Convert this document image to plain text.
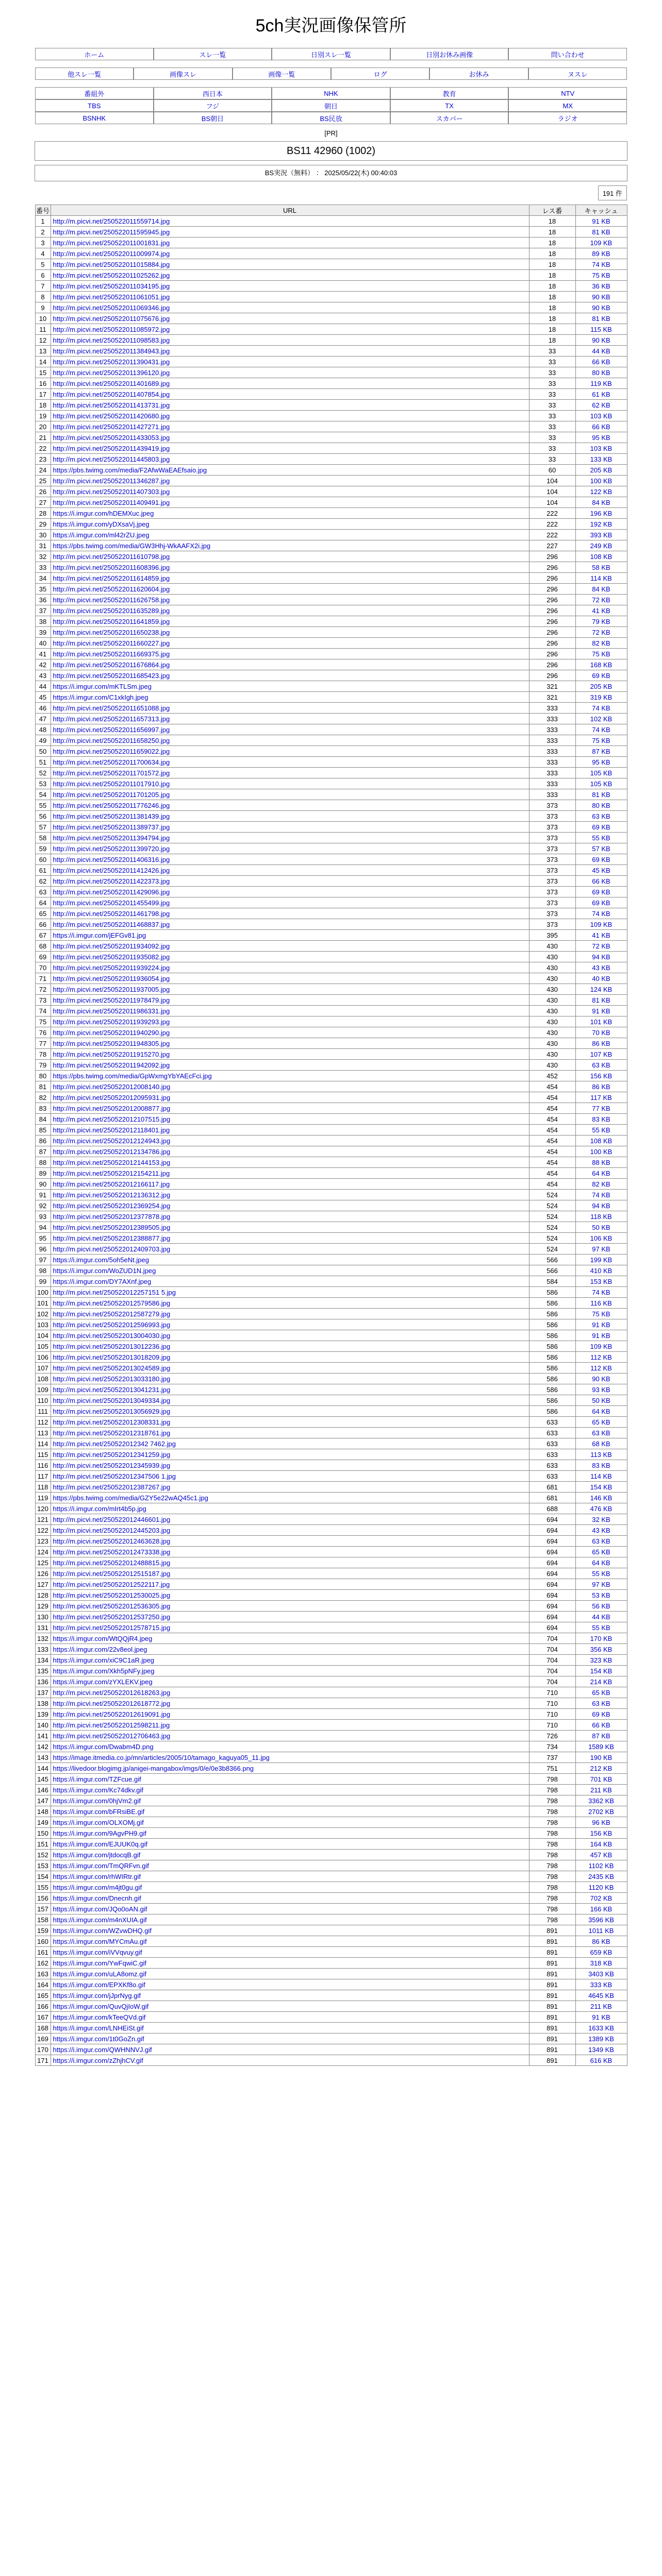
5ch実況画像保管所
ホーム	スレ一覧	日別スレ一覧	日別お休み画像	問い合わせ
他スレ一覧	画像スレ	画像一覧	ログ	お休み	ヌスレ
番組外	西日本	NHK	教育	NTV
TBS	フジ	朝日	TX	MX
BSNHK	BS朝日	BS民放	スカパー	ラジオ
[PR]
BS11 42960 (1002)
BS実況（無料） ： 2025/05/22(木) 00:40:03
191 件
番号	URL	レス番	キャッシュ
1	http://m.picvi.net/250522011559714.jpg	18	91 KB
2	http://m.picvi.net/250522011595945.jpg	18	81 KB
3	http://m.picvi.net/250522011001831.jpg	18	109 KB
4	http://m.picvi.net/250522011009974.jpg	18	89 KB
5	http://m.picvi.net/250522011015884.jpg	18	74 KB
6	http://m.picvi.net/250522011025262.jpg	18	75 KB
7	http://m.picvi.net/250522011034195.jpg	18	36 KB
8	http://m.picvi.net/250522011061051.jpg	18	90 KB
9	http://m.picvi.net/250522011069346.jpg	18	90 KB
10	http://m.picvi.net/250522011075676.jpg	18	81 KB
11	http://m.picvi.net/250522011085972.jpg	18	115 KB
12	http://m.picvi.net/250522011098583.jpg	18	90 KB
13	http://m.picvi.net/250522011384943.jpg	33	44 KB
14	http://m.picvi.net/250522011390431.jpg	33	66 KB
15	http://m.picvi.net/250522011396120.jpg	33	80 KB
16	http://m.picvi.net/250522011401689.jpg	33	119 KB
17	http://m.picvi.net/250522011407854.jpg	33	61 KB
18	http://m.picvi.net/250522011413731.jpg	33	62 KB
19	http://m.picvi.net/250522011420680.jpg	33	103 KB
20	http://m.picvi.net/250522011427271.jpg	33	66 KB
21	http://m.picvi.net/250522011433053.jpg	33	95 KB
22	http://m.picvi.net/250522011439419.jpg	33	103 KB
23	http://m.picvi.net/250522011445803.jpg	33	133 KB
24	https://pbs.twimg.com/media/F2AfwWaEAEfsaio.jpg	60	205 KB
25	http://m.picvi.net/250522011346287.jpg	104	100 KB
26	http://m.picvi.net/250522011407303.jpg	104	122 KB
27	http://m.picvi.net/250522011409491.jpg	104	84 KB
28	https://i.imgur.com/hDEMXuc.jpeg	222	196 KB
29	https://i.imgur.com/yDXsaVj.jpeg	222	192 KB
30	https://i.imgur.com/ml42rZU.jpeg	222	393 KB
31	https://pbs.twimg.com/media/GW3Hhj-WkAAFX2i.jpg	227	249 KB
32	http://m.picvi.net/250522011610798.jpg	296	108 KB
33	http://m.picvi.net/250522011608396.jpg	296	58 KB
34	http://m.picvi.net/250522011614859.jpg	296	114 KB
35	http://m.picvi.net/250522011620604.jpg	296	84 KB
36	http://m.picvi.net/250522011626758.jpg	296	72 KB
37	http://m.picvi.net/250522011635289.jpg	296	41 KB
38	http://m.picvi.net/250522011641859.jpg	296	79 KB
39	http://m.picvi.net/250522011650238.jpg	296	72 KB
40	http://m.picvi.net/250522011660227.jpg	296	82 KB
41	http://m.picvi.net/250522011669375.jpg	296	75 KB
42	http://m.picvi.net/250522011676864.jpg	296	168 KB
43	http://m.picvi.net/250522011685423.jpg	296	69 KB
44	https://i.imgur.com/mKTLSm.jpeg	321	205 KB
45	https://i.imgur.com/C1xkIgh.jpeg	321	319 KB
46	http://m.picvi.net/250522011651088.jpg	333	74 KB
47	http://m.picvi.net/250522011657313.jpg	333	102 KB
48	http://m.picvi.net/250522011656997.jpg	333	74 KB
49	http://m.picvi.net/250522011658250.jpg	333	75 KB
50	http://m.picvi.net/250522011659022.jpg	333	87 KB
51	http://m.picvi.net/250522011700634.jpg	333	95 KB
52	http://m.picvi.net/250522011701572.jpg	333	105 KB
53	http://m.picvi.net/250522011017910.jpg	333	105 KB
54	http://m.picvi.net/250522011701205.jpg	333	81 KB
55	http://m.picvi.net/250522011776246.jpg	373	80 KB
56	http://m.picvi.net/250522011381439.jpg	373	63 KB
57	http://m.picvi.net/250522011389737.jpg	373	69 KB
58	http://m.picvi.net/250522011394794.jpg	373	55 KB
59	http://m.picvi.net/250522011399720.jpg	373	57 KB
60	http://m.picvi.net/250522011406316.jpg	373	69 KB
61	http://m.picvi.net/250522011412426.jpg	373	45 KB
62	http://m.picvi.net/250522011422373.jpg	373	66 KB
63	http://m.picvi.net/250522011429096.jpg	373	69 KB
64	http://m.picvi.net/250522011455499.jpg	373	69 KB
65	http://m.picvi.net/250522011461798.jpg	373	74 KB
66	http://m.picvi.net/250522011468837.jpg	373	109 KB
67	https://i.imgur.com/jEFGv81.jpg	395	41 KB
68	http://m.picvi.net/250522011934092.jpg	430	72 KB
69	http://m.picvi.net/250522011935082.jpg	430	94 KB
70	http://m.picvi.net/250522011939224.jpg	430	43 KB
71	http://m.picvi.net/250522011936054.jpg	430	40 KB
72	http://m.picvi.net/250522011937005.jpg	430	124 KB
73	http://m.picvi.net/250522011978479.jpg	430	81 KB
74	http://m.picvi.net/250522011986331.jpg	430	91 KB
75	http://m.picvi.net/250522011939293.jpg	430	101 KB
76	http://m.picvi.net/250522011940290.jpg	430	70 KB
77	http://m.picvi.net/250522011948305.jpg	430	86 KB
78	http://m.picvi.net/250522011915270.jpg	430	107 KB
79	http://m.picvi.net/250522011942092.jpg	430	63 KB
80	https://pbs.twimg.com/media/GpWxmgYbYAEcFci.jpg	452	156 KB
81	http://m.picvi.net/250522012008140.jpg	454	86 KB
82	http://m.picvi.net/250522012095931.jpg	454	117 KB
83	http://m.picvi.net/250522012008877.jpg	454	77 KB
84	http://m.picvi.net/250522012107515.jpg	454	83 KB
85	http://m.picvi.net/250522012118401.jpg	454	55 KB
86	http://m.picvi.net/250522012124943.jpg	454	108 KB
87	http://m.picvi.net/250522012134786.jpg	454	100 KB
88	http://m.picvi.net/250522012144153.jpg	454	88 KB
89	http://m.picvi.net/250522012154211.jpg	454	64 KB
90	http://m.picvi.net/250522012166117.jpg	454	82 KB
91	http://m.picvi.net/250522012136312.jpg	524	74 KB
92	http://m.picvi.net/250522012369254.jpg	524	94 KB
93	http://m.picvi.net/250522012377878.jpg	524	118 KB
94	http://m.picvi.net/250522012389505.jpg	524	50 KB
95	http://m.picvi.net/250522012388877.jpg	524	106 KB
96	http://m.picvi.net/250522012409703.jpg	524	97 KB
97	https://i.imgur.com/5oh5eNt.jpeg	566	199 KB
98	https://i.imgur.com/WoZUD1N.jpeg	566	410 KB
99	https://i.imgur.com/DY7AXnf.jpeg	584	153 KB
100	http://m.picvi.net/250522012257151 5.jpg	586	74 KB
101	http://m.picvi.net/250522012579586.jpg	586	116 KB
102	http://m.picvi.net/250522012587279.jpg	586	75 KB
103	http://m.picvi.net/250522012596993.jpg	586	91 KB
104	http://m.picvi.net/250522013004030.jpg	586	91 KB
105	http://m.picvi.net/250522013012236.jpg	586	109 KB
106	http://m.picvi.net/250522013018209.jpg	586	112 KB
107	http://m.picvi.net/250522013024589.jpg	586	112 KB
108	http://m.picvi.net/250522013033180.jpg	586	90 KB
109	http://m.picvi.net/250522013041231.jpg	586	93 KB
110	http://m.picvi.net/250522013049334.jpg	586	50 KB
111	http://m.picvi.net/250522013056929.jpg	586	64 KB
112	http://m.picvi.net/250522012308331.jpg	633	65 KB
113	http://m.picvi.net/250522012318761.jpg	633	63 KB
114	http://m.picvi.net/250522012342 7462.jpg	633	68 KB
115	http://m.picvi.net/250522012341259.jpg	633	113 KB
116	http://m.picvi.net/250522012345939.jpg	633	83 KB
117	http://m.picvi.net/250522012347506 1.jpg	633	114 KB
118	http://m.picvi.net/250522012387267.jpg	681	154 KB
119	https://pbs.twimg.com/media/GZY5e22wAQ45c1.jpg	681	146 KB
120	https://i.imgur.com/mIrt4b5p.jpg	688	476 KB
121	http://m.picvi.net/250522012446601.jpg	694	32 KB
122	http://m.picvi.net/250522012445203.jpg	694	43 KB
123	http://m.picvi.net/250522012463628.jpg	694	63 KB
124	http://m.picvi.net/250522012473338.jpg	694	65 KB
125	http://m.picvi.net/250522012488815.jpg	694	64 KB
126	http://m.picvi.net/250522012515187.jpg	694	55 KB
127	http://m.picvi.net/250522012522117.jpg	694	97 KB
128	http://m.picvi.net/250522012530025.jpg	694	53 KB
129	http://m.picvi.net/250522012536305.jpg	694	56 KB
130	http://m.picvi.net/250522012537250.jpg	694	44 KB
131	http://m.picvi.net/250522012578715.jpg	694	55 KB
132	https://i.imgur.com/WtQQjR4.jpeg	704	170 KB
133	https://i.imgur.com/22v8eol.jpeg	704	356 KB
134	https://i.imgur.com/xiC9C1aR.jpeg	704	323 KB
135	https://i.imgur.com/Xkh5pNFy.jpeg	704	154 KB
136	https://i.imgur.com/zYXLEKV.jpeg	704	214 KB
137	http://m.picvi.net/250522012618263.jpg	710	65 KB
138	http://m.picvi.net/250522012618772.jpg	710	63 KB
139	http://m.picvi.net/250522012619091.jpg	710	69 KB
140	http://m.picvi.net/250522012598211.jpg	710	66 KB
141	http://m.picvi.net/250522012706463.jpg	726	87 KB
142	https://i.imgur.com/Dwabm4D.png	734	1589 KB
143	https://image.itmedia.co.jp/mn/articles/2005/10/tamago_kaguya05_11.jpg	737	190 KB
144	https://livedoor.blogimg.jp/anigei-mangabox/imgs/0/e/0e3b8366.png	751	212 KB
145	https://i.imgur.com/TZFcue.gif	798	701 KB
146	https://i.imgur.com/Kc74dkv.gif	798	211 KB
147	https://i.imgur.com/0hjVm2.gif	798	3362 KB
148	https://i.imgur.com/bFRsiBE.gif	798	2702 KB
149	https://i.imgur.com/OLXOMj.gif	798	96 KB
150	https://i.imgur.com/9AgvPH9.gif	798	156 KB
151	https://i.imgur.com/EJUUK0q.gif	798	164 KB
152	https://i.imgur.com/jtdocqB.gif	798	457 KB
153	https://i.imgur.com/TmQRFvn.gif	798	1102 KB
154	https://i.imgur.com/rhWIRtr.gif	798	2435 KB
155	https://i.imgur.com/m4jt0gu.gif	798	1120 KB
156	https://i.imgur.com/Dnecnh.gif	798	702 KB
157	https://i.imgur.com/JQo0oAN.gif	798	166 KB
158	https://i.imgur.com/m4nXUIA.gif	798	3596 KB
159	https://i.imgur.com/WZvwDHQ.gif	891	1011 KB
160	https://i.imgur.com/MYCmAu.gif	891	86 KB
161	https://i.imgur.com/iVVqvuy.gif	891	659 KB
162	https://i.imgur.com/YwFqwiC.gif	891	318 KB
163	https://i.imgur.com/uLA8omz.gif	891	3403 KB
164	https://i.imgur.com/EPXKf8o.gif	891	333 KB
165	https://i.imgur.com/jJprNyg.gif	891	4645 KB
166	https://i.imgur.com/QuvQjIoW.gif	891	211 KB
167	https://i.imgur.com/kTeeQVd.gif	891	91 KB
168	https://i.imgur.com/LNHEiSt.gif	891	1633 KB
169	https://i.imgur.com/1t0GoZn.gif	891	1389 KB
170	https://i.imgur.com/QWHNNVJ.gif	891	1349 KB
171	https://i.imgur.com/zZhjhCV.gif	891	616 KB
